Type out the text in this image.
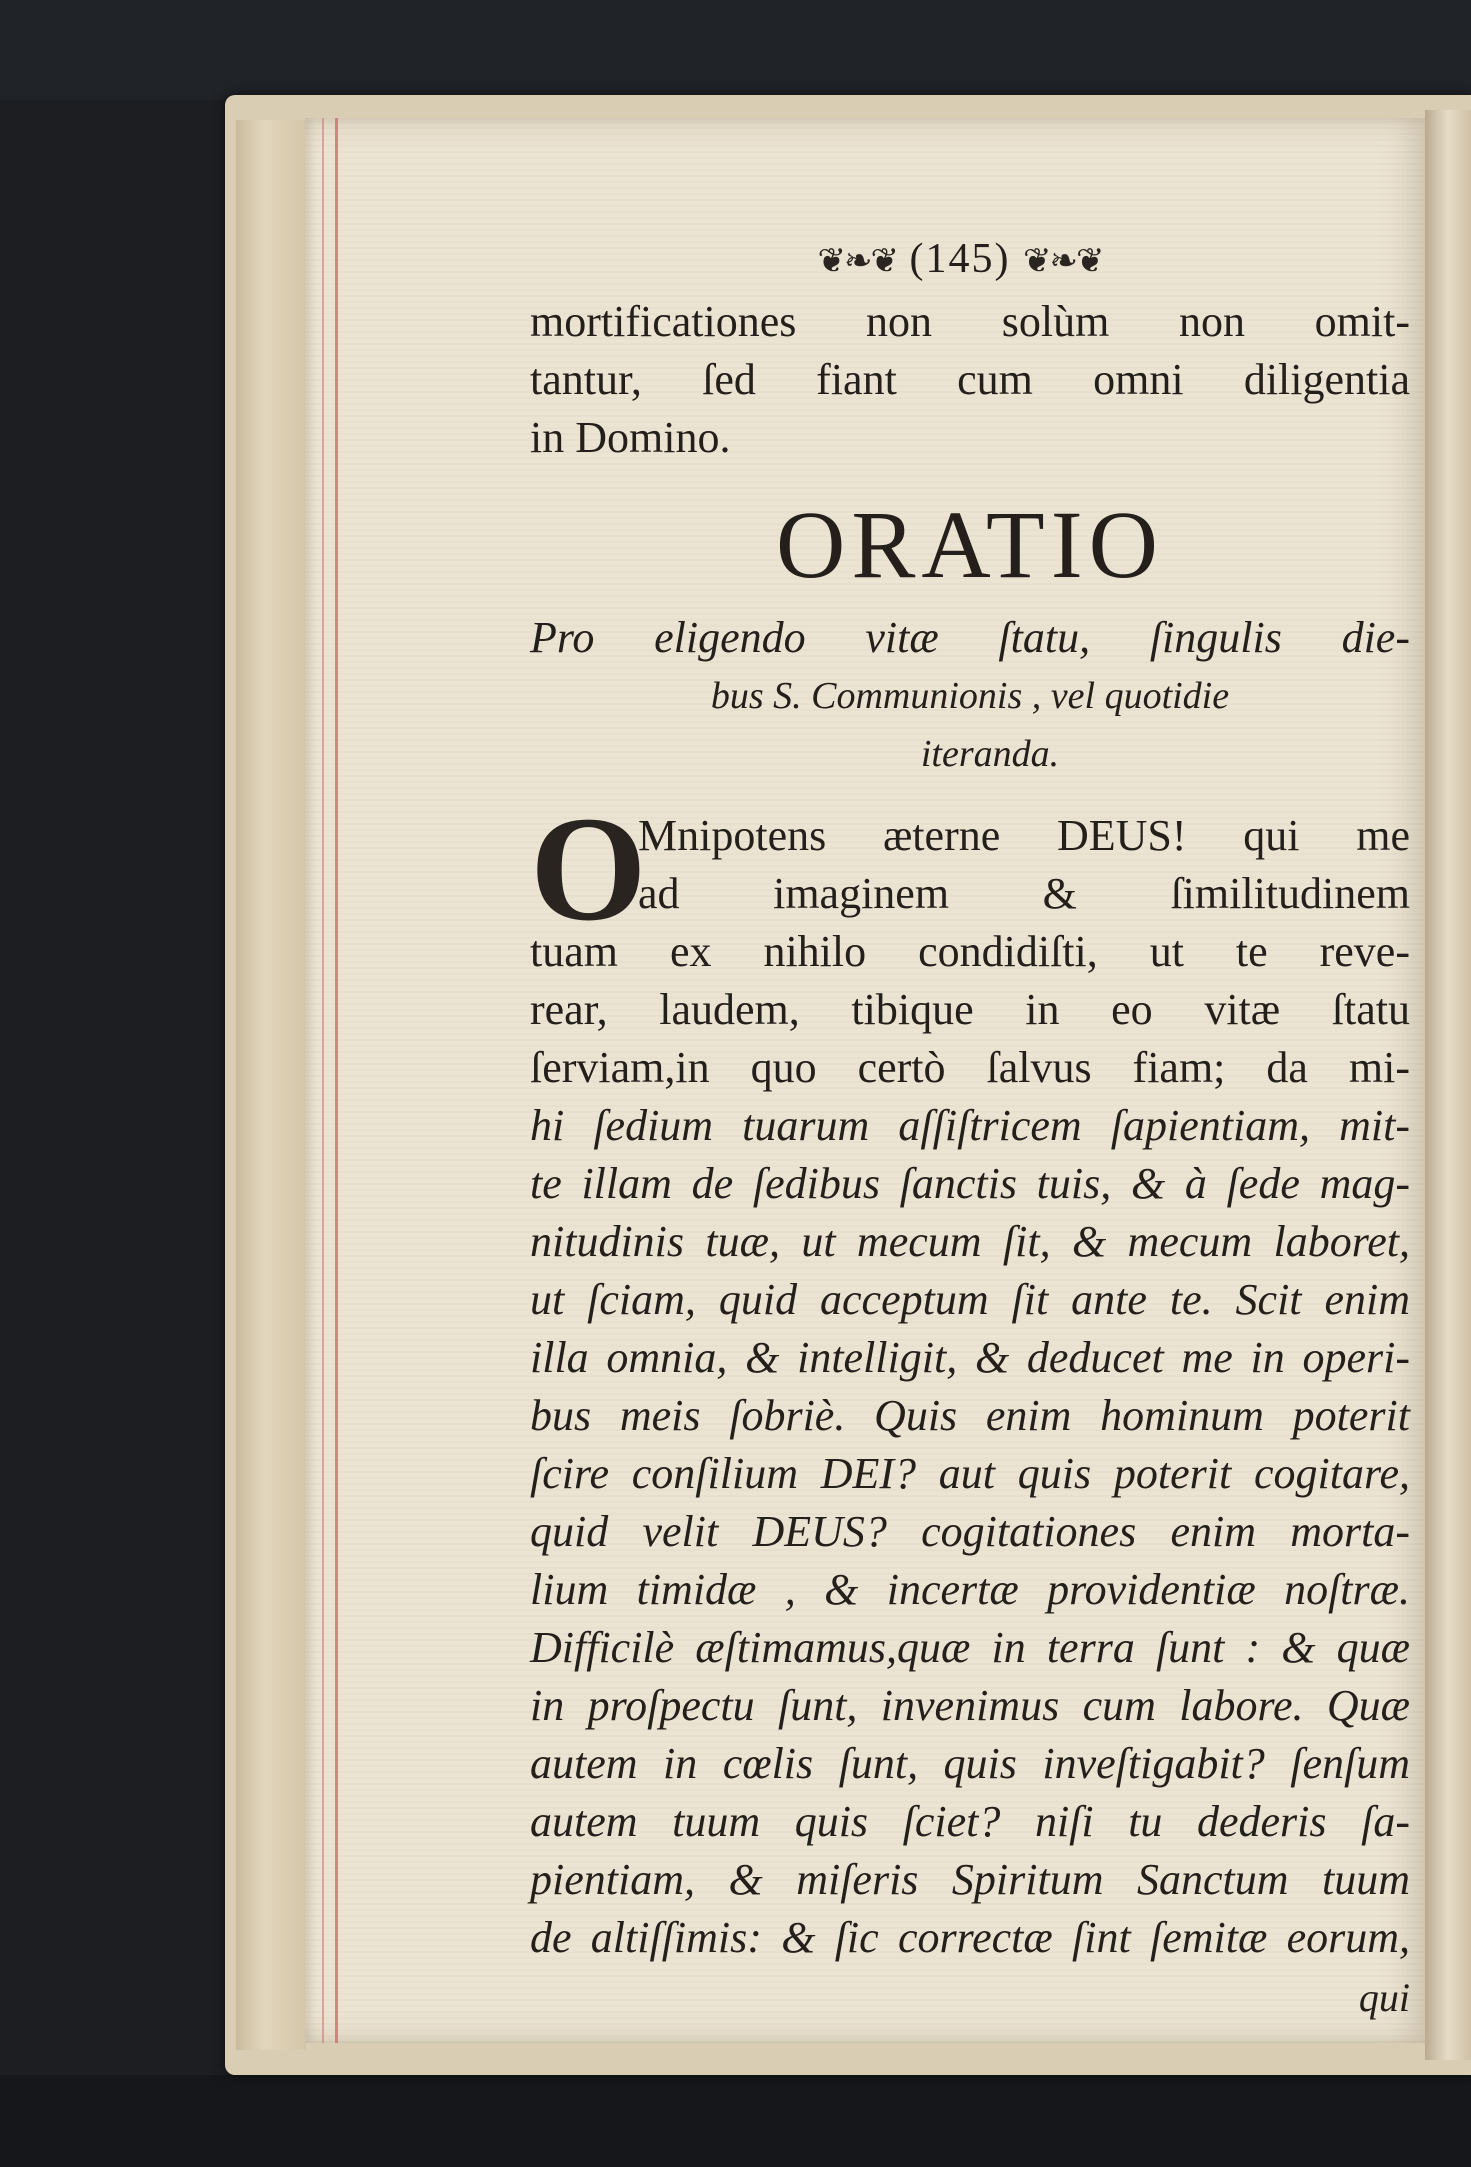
❦❧❦ (145) ❦❧❦
mortificationes non solùm non omit-
tantur, ſed fiant cum omni diligentia
in Domino.
ORATIO
Pro eligendo vitæ ſtatu, ſingulis die-
bus S. Communionis , vel quotidie
iteranda.
O
Mnipotens æterne DEUS! qui me
ad imaginem & ſimilitudinem
tuam ex nihilo condidiſti, ut te reve-
rear, laudem, tibique in eo vitæ ſtatu
ſerviam,in quo certò ſalvus fiam; da mi-
hi ſedium tuarum aſſiſtricem ſapientiam, mit-
te illam de ſedibus ſanctis tuis, & à ſede mag-
nitudinis tuæ, ut mecum ſit, & mecum laboret,
ut ſciam, quid acceptum ſit ante te. Scit enim
illa omnia, & intelligit, & deducet me in operi-
bus meis ſobriè. Quis enim hominum poterit
ſcire conſilium DEI? aut quis poterit cogitare,
quid velit DEUS? cogitationes enim morta-
lium timidæ , & incertæ providentiæ noſtræ.
Difficilè æſtimamus,quæ in terra ſunt : & quæ
in proſpectu ſunt, invenimus cum labore. Quæ
autem in cœlis ſunt, quis inveſtigabit? ſenſum
autem tuum quis ſciet? niſi tu dederis ſa-
pientiam, & miſeris Spiritum Sanctum tuum
de altiſſimis: & ſic correctæ ſint ſemitæ eorum,
qui
